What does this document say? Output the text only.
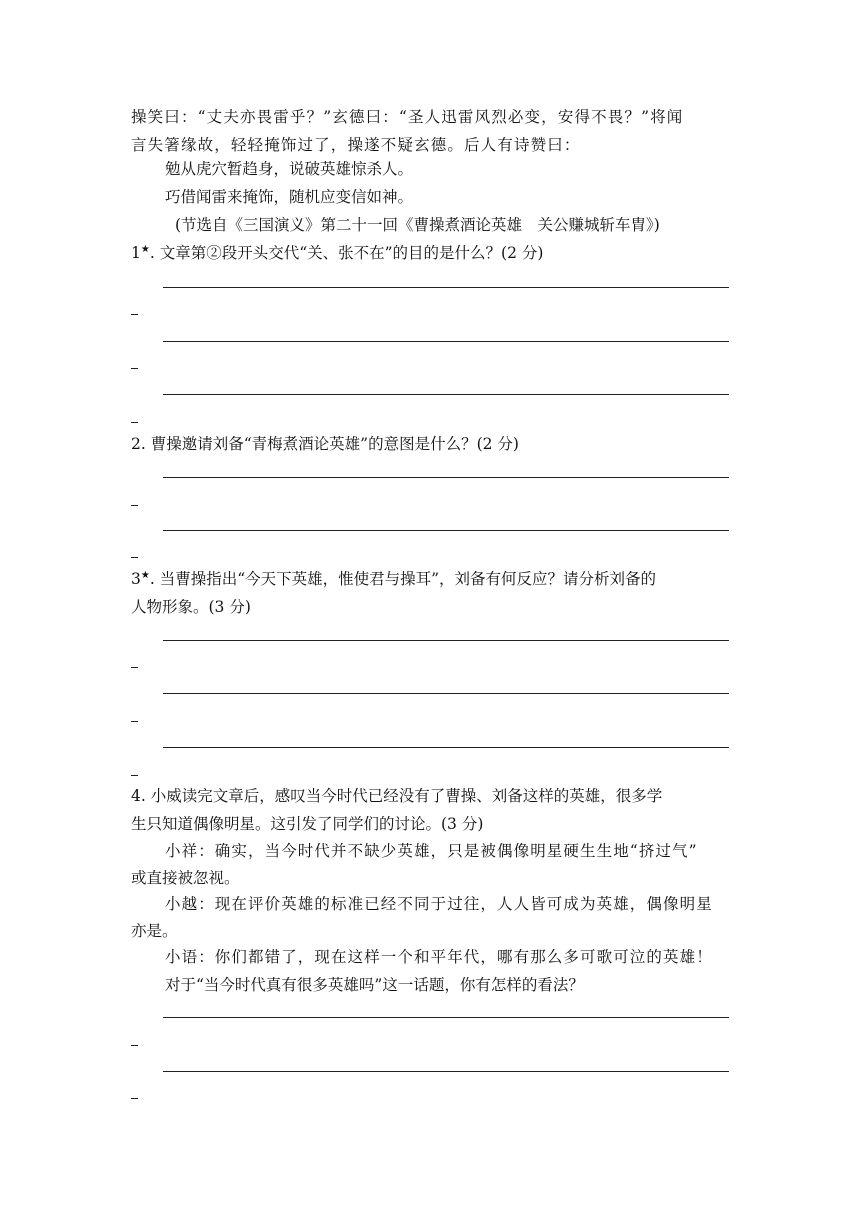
操笑曰：“丈夫亦畏雷乎？”玄德曰：“圣人迅雷风烈必变，安得不畏？”将闻
言失箸缘故，轻轻掩饰过了，操遂不疑玄德。后人有诗赞曰：
勉从虎穴暂趋身，说破英雄惊杀人。
巧借闻雷来掩饰，随机应变信如神。
(节选自《三国演义》第二十一回《曹操煮酒论英雄　关公赚城斩车胄》)
1★. 文章第②段开头交代“关、张不在”的目的是什么？(2 分)
2. 曹操邀请刘备“青梅煮酒论英雄”的意图是什么？(2 分)
3★. 当曹操指出“今天下英雄，惟使君与操耳”，刘备有何反应？请分析刘备的
人物形象。(3 分)
4. 小威读完文章后，感叹当今时代已经没有了曹操、刘备这样的英雄，很多学
生只知道偶像明星。这引发了同学们的讨论。(3 分)
小祥：确实，当今时代并不缺少英雄，只是被偶像明星硬生生地“挤过气”
或直接被忽视。
小越：现在评价英雄的标准已经不同于过往，人人皆可成为英雄，偶像明星
亦是。
小语：你们都错了，现在这样一个和平年代，哪有那么多可歌可泣的英雄！
对于“当今时代真有很多英雄吗”这一话题，你有怎样的看法？
